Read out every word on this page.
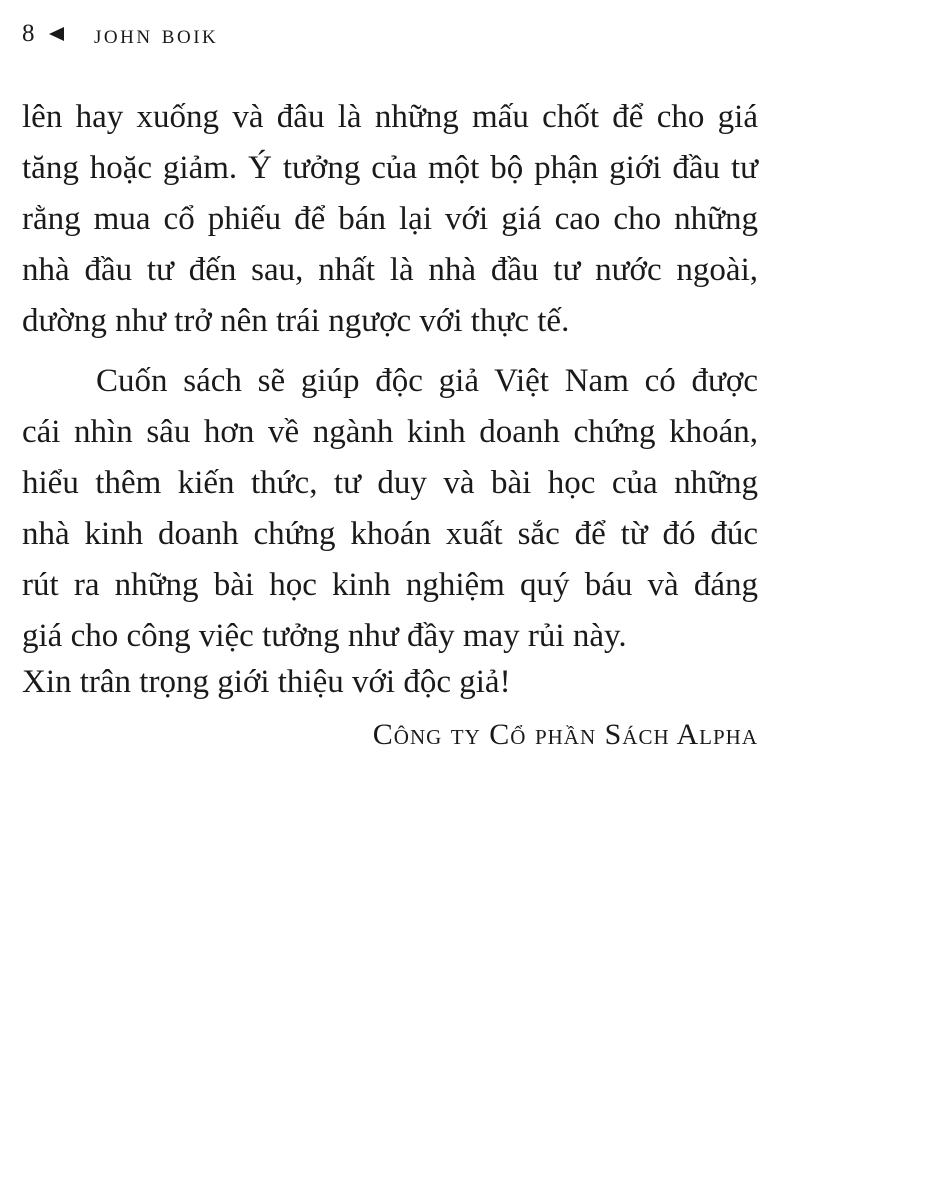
8 john boik

lên hay xuống và đâu là những mấu chốt để cho giá
tăng hoặc giảm. Ý tưởng của một bộ phận giới đầu tư
rằng mua cổ phiếu để bán lại với giá cao cho những
nhà đầu tư đến sau, nhất là nhà đầu tư nước ngoài,
dường như trở nên trái ngược với thực tế.

Cuốn sách sẽ giúp độc giả Việt Nam có được
cái nhìn sâu hơn về ngành kinh doanh chứng khoán,
hiểu thêm kiến thức, tư duy và bài học của những
nhà kinh doanh chứng khoán xuất sắc để từ đó đúc
rút ra những bài học kinh nghiệm quý báu và đáng
giá cho công việc tưởng như đầy may rủi này.

Xin trân trọng giới thiệu với độc giả!
Công ty Cổ phần Sách Alpha
